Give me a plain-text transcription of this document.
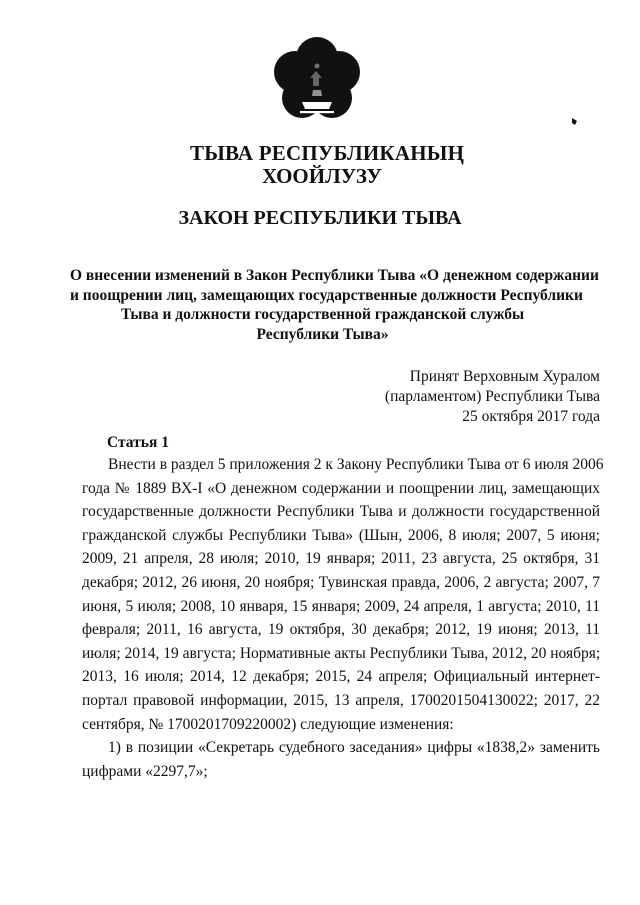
ТЫВА РЕСПУБЛИКАНЫҢ
ХООЙЛУЗУ
ЗАКОН РЕСПУБЛИКИ ТЫВА
О внесении изменений в Закон Республики Тыва «О денежном содержании
и поощрении лиц, замещающих государственные должности Республики
Тыва и должности государственной гражданской службы
Республики Тыва»
Принят Верховным Хуралом
(парламентом) Республики Тыва
25 октября 2017 года
Статья 1
Внести в раздел 5 приложения 2 к Закону Республики Тыва от 6 июля 2006
года № 1889 ВХ-I «О денежном содержании и поощрении лиц, замещающих
государственные должности Республики Тыва и должности государственной
гражданской службы Республики Тыва» (Шын, 2006, 8 июля; 2007, 5 июня;
2009, 21 апреля, 28 июля; 2010, 19 января; 2011, 23 августа, 25 октября, 31
декабря; 2012, 26 июня, 20 ноября; Тувинская правда, 2006, 2 августа; 2007, 7
июня, 5 июля; 2008, 10 января, 15 января; 2009, 24 апреля, 1 августа; 2010, 11
февраля; 2011, 16 августа, 19 октября, 30 декабря; 2012, 19 июня; 2013, 11
июля; 2014, 19 августа; Нормативные акты Республики Тыва, 2012, 20 ноября;
2013, 16 июля; 2014, 12 декабря; 2015, 24 апреля; Официальный интернет-
портал правовой информации, 2015, 13 апреля, 1700201504130022; 2017, 22
сентября, № 1700201709220002) следующие изменения:
1) в позиции «Секретарь судебного заседания» цифры «1838,2» заменить
цифрами «2297,7»;
